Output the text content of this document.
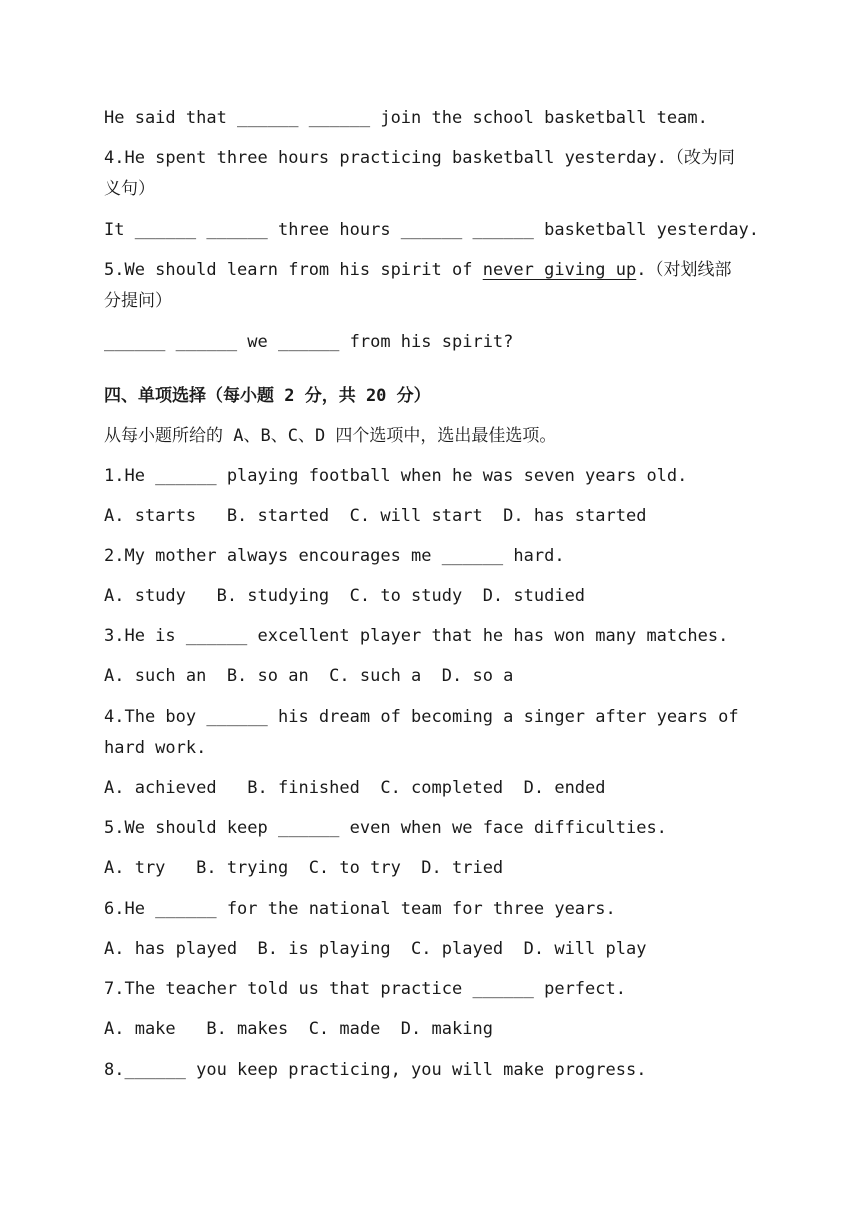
He said that ______ ______ join the school basketball team.

4.He spent three hours practicing basketball yesterday.（改为同

义句）

It ______ ______ three hours ______ ______ basketball yesterday.

5.We should learn from his spirit of never giving up.（对划线部

分提问）

______ ______ we ______ from his spirit?

四、单项选择（每小题 2 分，共 20 分）

从每小题所给的 A、B、C、D 四个选项中，选出最佳选项。

1.He ______ playing football when he was seven years old.

A. starts   B. started  C. will start  D. has started

2.My mother always encourages me ______ hard.

A. study   B. studying  C. to study  D. studied

3.He is ______ excellent player that he has won many matches.

A. such an  B. so an  C. such a  D. so a

4.The boy ______ his dream of becoming a singer after years of

hard work.

A. achieved   B. finished  C. completed  D. ended

5.We should keep ______ even when we face difficulties.

A. try   B. trying  C. to try  D. tried

6.He ______ for the national team for three years.

A. has played  B. is playing  C. played  D. will play

7.The teacher told us that practice ______ perfect.

A. make   B. makes  C. made  D. making

8.______ you keep practicing, you will make progress.
